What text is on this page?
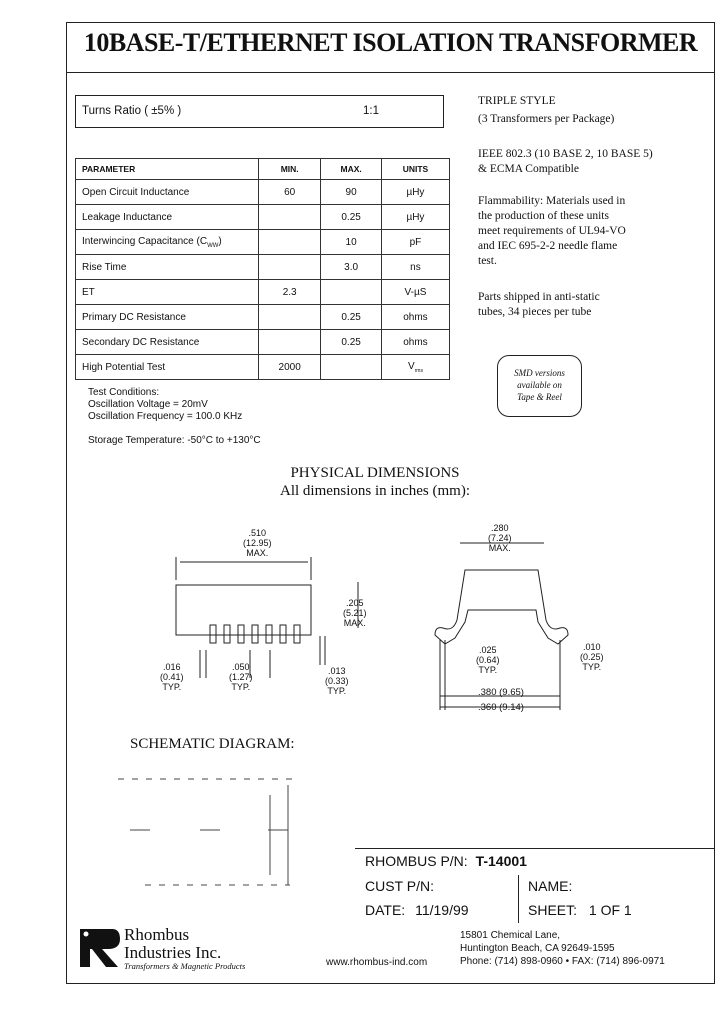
10BASE-T/ETHERNET ISOLATION TRANSFORMER
Turns Ratio ( ±5% )	1:1
PARAMETER	MIN.	MAX.	UNITS
Open Circuit Inductance	60	90	µHy
Leakage Inductance		0.25	µHy
Interwincing Capacitance $(C_{WW})$		10	pF
Rise Time		3.0	ns
ET	2.3		V-µS
Primary DC Resistance		0.25	ohms
Secondary DC Resistance		0.25	ohms
High Potential Test	2000		$V_{rms}$
Test Conditions:
Oscillation Voltage = 20mV
Oscillation Frequency = 100.0 KHz
Storage Temperature: -50°C to +130°C
TRIPLE STYLE
(3 Transformers per Package)
IEEE 802.3 (10 BASE 2, 10 BASE 5)
& ECMA Compatible
Flammability: Materials used in
the production of these units
meet requirements of UL94-VO
and IEC 695-2-2 needle flame
test.
Parts shipped in anti-static
tubes, 34 pieces per tube
SMD versions
available on
Tape & Reel
PHYSICAL DIMENSIONS
All dimensions in inches (mm):
.510
(12.95)
MAX.
.205
(5.21)
MAX.
.016
(0.41)
TYP.
.050
(1.27)
TYP.
.013
(0.33)
TYP.
.280
(7.24)
MAX.
.025
(0.64)
TYP.
.010
(0.25)
TYP.
.380 (9.65)
.360 (9.14)
SCHEMATIC DIAGRAM:
RHOMBUS P/N: T-14001
CUST P/N:	NAME:
DATE: 11/19/99	SHEET: 1 OF 1
Rhombus
Industries Inc.
Transformers & Magnetic Products	www.rhombus-ind.com
15801 Chemical Lane,
Huntington Beach, CA 92649-1595
Phone: (714) 898-0960 • FAX: (714) 896-0971
